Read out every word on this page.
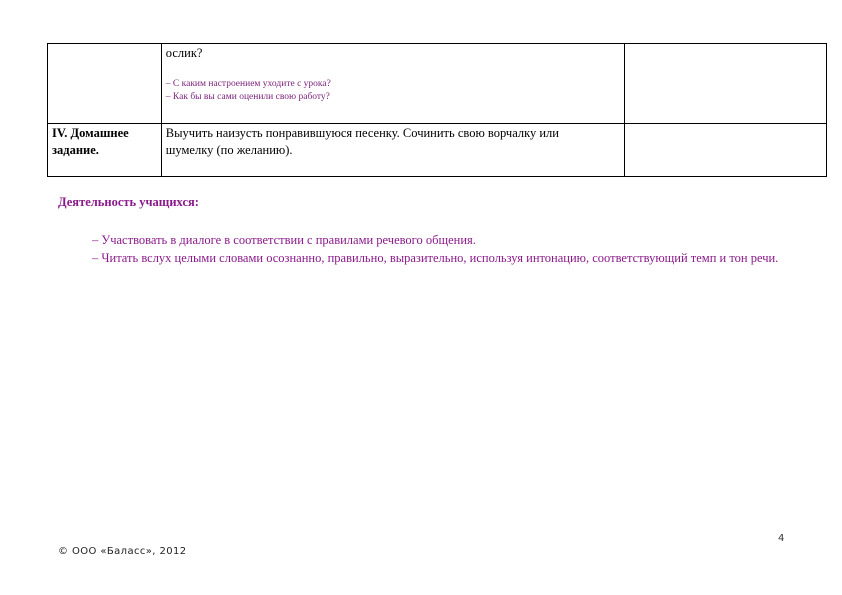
	ослик?
– С каким настроением уходите с урока?
– Как бы вы сами оценили свою работу?	

IV. Домашнее задание.	Выучить наизусть понравившуюся песенку. Сочинить свою ворчалку или шумелку (по желанию).	

Деятельность учащихся:
– Участвовать в диалоге в соответствии с правилами речевого общения.
– Читать вслух целыми словами осознанно, правильно, выразительно, используя интонацию, соответствующий темп и тон речи.
4
© ООО «Баласс», 2012
